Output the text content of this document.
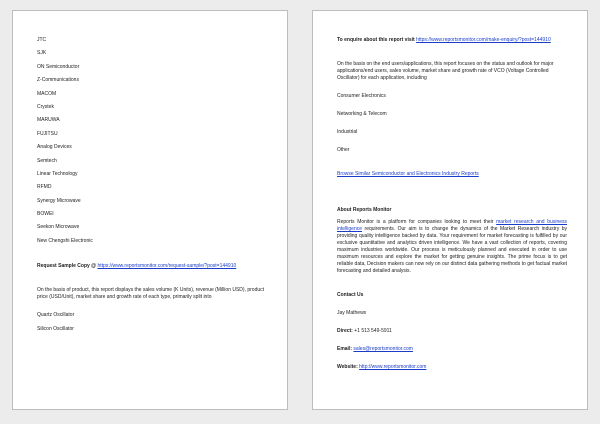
JTC
SJK
ON Semiconductor
Z-Communications
MACOM
Crystek
MARUWA
FUJITSU
Analog Devices
Semtech
Linear Technology
RFMD
Synergy Microwave
BOWEI
Seekon Microwave
New Chengshi Electronic

Request Sample Copy @ https://www.reportsmonitor.com/request-sample/?post=144910

On the basis of product, this report displays the sales volume (K Units), revenue (Million USD), product price (USD/Unit), market share and growth rate of each type, primarily split into

Quartz Oscillator
Silicon Oscillator

To enquire about this report visit https://www.reportsmonitor.com/make-enquiry/?post=144910

On the basis on the end users/applications, this report focuses on the status and outlook for major applications/end users, sales volume, market share and growth rate of VCO (Voltage Controlled Oscillator) for each application, including

Consumer Electronics
Networking & Telecom
Industrial
Other

Browse Similar Semiconductor and Electronics Industry Reports

About Reports Monitor

Reports Monitor is a platform for companies looking to meet their market research and business intelligence requirements. Our aim is to change the dynamics of the Market Research industry by providing quality intelligence backed by data. Your requirement for market forecasting is fulfilled by our exclusive quantitative and analytics driven intelligence. We have a vast collection of reports, covering maximum industries worldwide. Our process is meticulously planned and executed in order to use maximum resources and explore the market for getting genuine insights. The prime focus is to get reliable data, Decision makers can now rely on our distinct data gathering methods to get factual market forecasting and detailed analysis.

Contact Us

Jay Mathews

Direct: +1 513 549-5911

Email: sales@reportsmonitor.com

Website: http://www.reportsmonitor.com
